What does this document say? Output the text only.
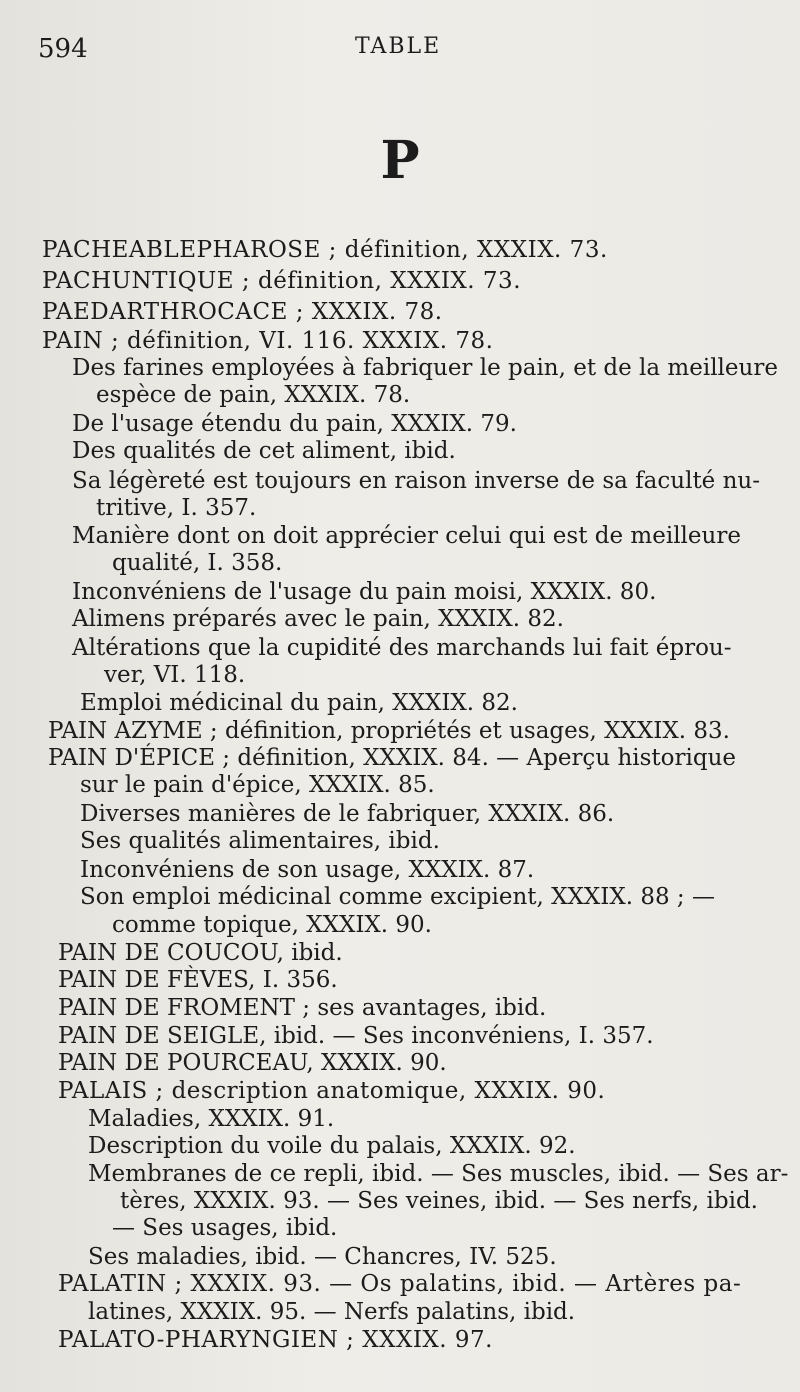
594	TABLE
P
PACHEABLEPHAROSE ; définition, XXXIX. 73.
PACHUNTIQUE ; définition, XXXIX. 73.
PAEDARTHROCACE ; XXXIX. 78.
PAIN ; définition, VI. 116. XXXIX. 78.
Des farines employées à fabriquer le pain, et de la meilleure
espèce de pain, XXXIX. 78.
De l'usage étendu du pain, XXXIX. 79.
Des qualités de cet aliment, ibid.
Sa légèreté est toujours en raison inverse de sa faculté nu-
tritive, I. 357.
Manière dont on doit apprécier celui qui est de meilleure
qualité, I. 358.
Inconvéniens de l'usage du pain moisi, XXXIX. 80.
Alimens préparés avec le pain, XXXIX. 82.
Altérations que la cupidité des marchands lui fait éprou-
ver, VI. 118.
Emploi médicinal du pain, XXXIX. 82.
PAIN AZYME ; définition, propriétés et usages, XXXIX. 83.
PAIN D'ÉPICE ; définition, XXXIX. 84. — Aperçu historique
sur le pain d'épice, XXXIX. 85.
Diverses manières de le fabriquer, XXXIX. 86.
Ses qualités alimentaires, ibid.
Inconvéniens de son usage, XXXIX. 87.
Son emploi médicinal comme excipient, XXXIX. 88 ; —
comme topique, XXXIX. 90.
PAIN DE COUCOU, ibid.
PAIN DE FÈVES, I. 356.
PAIN DE FROMENT ; ses avantages, ibid.
PAIN DE SEIGLE, ibid. — Ses inconvéniens, I. 357.
PAIN DE POURCEAU, XXXIX. 90.
PALAIS ; description anatomique, XXXIX. 90.
Maladies, XXXIX. 91.
Description du voile du palais, XXXIX. 92.
Membranes de ce repli, ibid. — Ses muscles, ibid. — Ses ar-
tères, XXXIX. 93. — Ses veines, ibid. — Ses nerfs, ibid.
— Ses usages, ibid.
Ses maladies, ibid. — Chancres, IV. 525.
PALATIN ; XXXIX. 93. — Os palatins, ibid. — Artères pa-
latines, XXXIX. 95. — Nerfs palatins, ibid.
PALATO-PHARYNGIEN ; XXXIX. 97.
